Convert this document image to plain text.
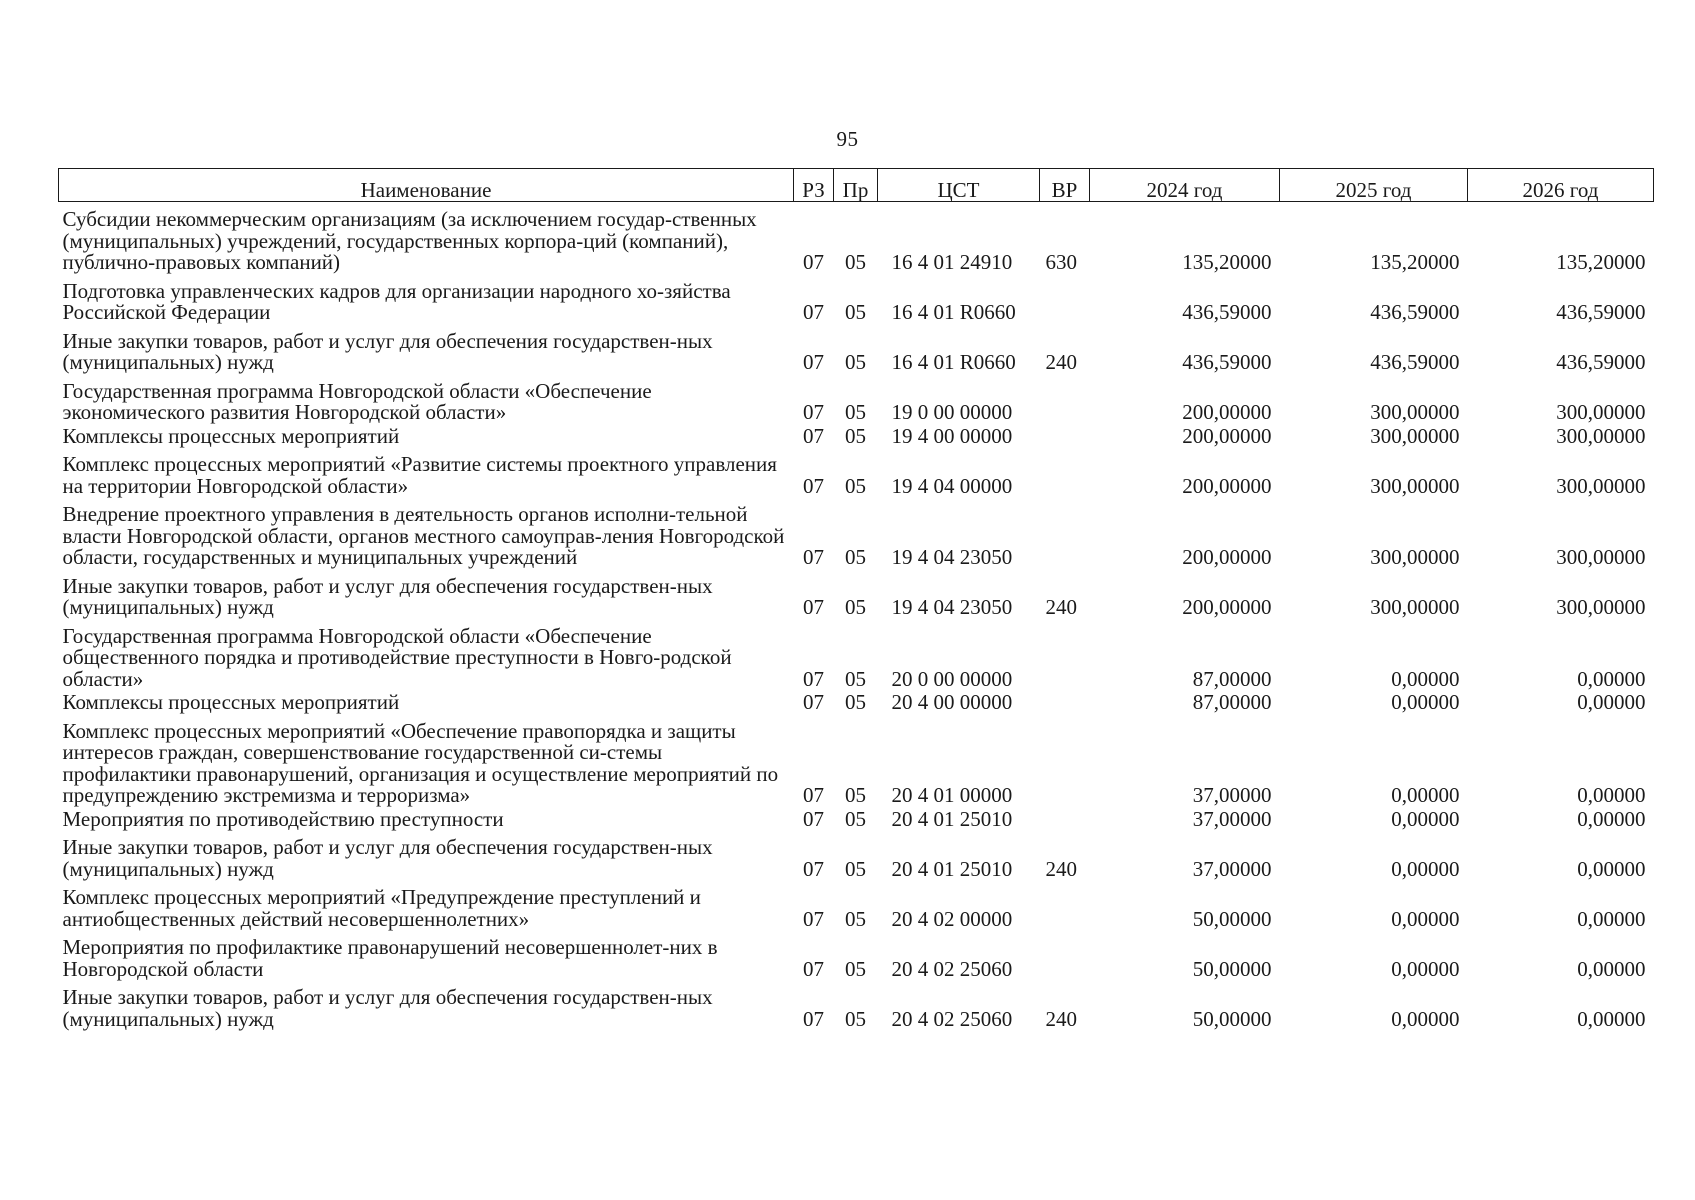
95
Наименование	РЗ	Пр	ЦСТ	ВР	2024 год	2025 год	2026 год
Субсидии некоммерческим организациям (за исключением государ-ственных (муниципальных) учреждений, государственных корпора-ций (компаний), публично-правовых компаний)	07	05	16 4 01 24910	630	135,20000	135,20000	135,20000
Подготовка управленческих кадров для организации народного хо-зяйства Российской Федерации	07	05	16 4 01 R0660		436,59000	436,59000	436,59000
Иные закупки товаров, работ и услуг для обеспечения государствен-ных (муниципальных) нужд	07	05	16 4 01 R0660	240	436,59000	436,59000	436,59000
Государственная программа Новгородской области «Обеспечение экономического развития Новгородской области»	07	05	19 0 00 00000		200,00000	300,00000	300,00000
Комплексы процессных мероприятий	07	05	19 4 00 00000		200,00000	300,00000	300,00000
Комплекс процессных мероприятий «Развитие системы проектного управления на территории Новгородской области»	07	05	19 4 04 00000		200,00000	300,00000	300,00000
Внедрение проектного управления в деятельность органов исполни-тельной власти Новгородской области, органов местного самоуправ-ления Новгородской области, государственных и муниципальных учреждений	07	05	19 4 04 23050		200,00000	300,00000	300,00000
Иные закупки товаров, работ и услуг для обеспечения государствен-ных (муниципальных) нужд	07	05	19 4 04 23050	240	200,00000	300,00000	300,00000
Государственная программа Новгородской области «Обеспечение общественного порядка и противодействие преступности в Новго-родской области»	07	05	20 0 00 00000		87,00000	0,00000	0,00000
Комплексы процессных мероприятий	07	05	20 4 00 00000		87,00000	0,00000	0,00000
Комплекс процессных мероприятий «Обеспечение правопорядка и защиты интересов граждан, совершенствование государственной си-стемы профилактики правонарушений, организация и осуществление мероприятий по предупреждению экстремизма и терроризма»	07	05	20 4 01 00000		37,00000	0,00000	0,00000
Мероприятия по противодействию преступности	07	05	20 4 01 25010		37,00000	0,00000	0,00000
Иные закупки товаров, работ и услуг для обеспечения государствен-ных (муниципальных) нужд	07	05	20 4 01 25010	240	37,00000	0,00000	0,00000
Комплекс процессных мероприятий «Предупреждение преступлений и антиобщественных действий несовершеннолетних»	07	05	20 4 02 00000		50,00000	0,00000	0,00000
Мероприятия по профилактике правонарушений несовершеннолет-них в Новгородской области	07	05	20 4 02 25060		50,00000	0,00000	0,00000
Иные закупки товаров, работ и услуг для обеспечения государствен-ных (муниципальных) нужд	07	05	20 4 02 25060	240	50,00000	0,00000	0,00000
